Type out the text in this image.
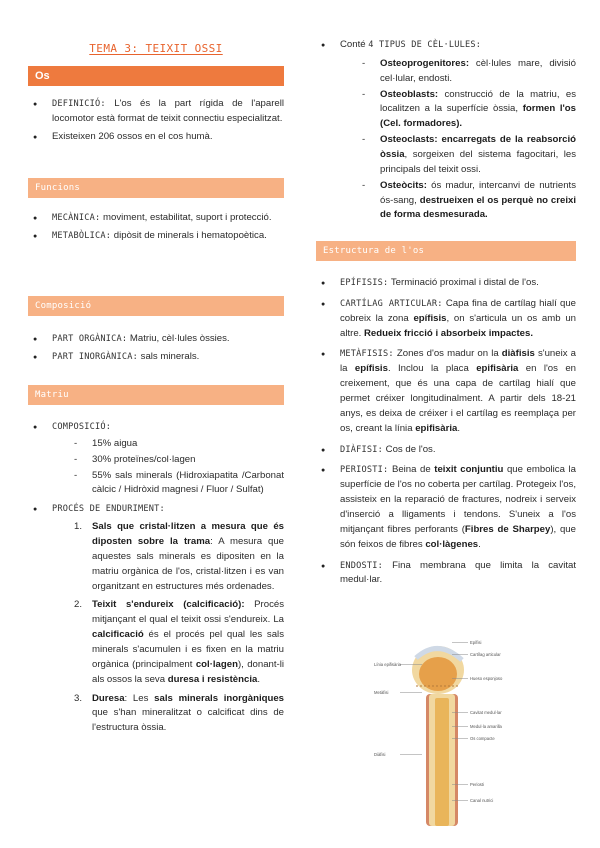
TEMA 3: TEIXIT OSSI
Os
● DEFINICIÓ: L'os és la part rígida de l'aparell locomotor està format de teixit connectiu especialitzat.
● Existeixen 206 ossos en el cos humà.
Funcions
● MECÀNICA: moviment, estabilitat, suport i protecció.
● METABÒLICA: dipòsit de minerals i hematopoètica.
Composició
● PART ORGÀNICA: Matriu, cèl·lules òssies.
● PART INORGÀNICA: sals minerals.
Matriu
● COMPOSICIÓ:
- 15% aigua
- 30% proteïnes/col·lagen
- 55% sals minerals (Hidroxiapatita /Carbonat càlcic / Hidròxid magnesi / Fluor / Sulfat)
● PROCÉS DE ENDURIMENT:
1. Sals que cristal·litzen a mesura que és diposten sobre la trama: A mesura que aquestes sals minerals es dipositen en la matriu orgànica de l'os, cristal·litzen i es van organitzant en estructures més ordenades.
2. Teixit s'endureix (calcificació): Procés mitjançant el qual el teixit ossi s'endureix. La calcificació és el procés pel qual les sals minerals s'acumulen i es fixen en la matriu orgànica (principalment col·lagen), donant-li als ossos la seva duresa i resistència.
3. Duresa: Les sals minerals inorgàniques que s'han mineralitzat o calcificat dins de l'estructura òssia.
● Conté 4 TIPUS DE CÈL·LULES:
- Osteoprogenitores: cèl·lules mare, divisió cel·lular, endosti.
- Osteoblasts: construcció de la matriu, es localitzen a la superfície òssia, formen l'os (Cel. formadores).
- Osteoclasts: encarregats de la reabsorció òssia, sorgeixen del sistema fagocitari, les principals del teixit ossi.
- Osteòcits: ós madur, intercanvi de nutrients ós-sang, destrueixen el os perquè no creixi de forma desmesurada.
Estructura de l'os
● EPÍFISIS: Terminació proximal i distal de l'os.
● CARTÍLAG ARTICULAR: Capa fina de cartílag hialí que cobreix la zona epífisis, on s'articula un os amb un altre. Redueix fricció i absorbeix impactes.
● METÀFISIS: Zones d'os madur on la diàfisis s'uneix a la epífisis. Inclou la placa epifisària en l'os en creixement, que és una capa de cartílag hialí que permet créixer longitudinalment. A partir dels 18-21 anys, es deixa de créixer i el cartílag es reemplaça per os, creant la línia epifisària.
● DIÀFISI: Cos de l'os.
● PERIOSTI: Beina de teixit conjuntiu que embolica la superfície de l'os no coberta per cartílag. Protegeix l'os, assisteix en la reparació de fractures, nodreix i serveix d'inserció a lligaments i tendons. S'uneix a l'os mitjançant fibres perforants (Fibres de Sharpey), que són feixos de fibres col·làgenes.
● ENDOSTI: Fina membrana que limita la cavitat medul·lar.
Línia epifisària
Metàfisi
Diàfisi
Epífisi
Cartílag articular
Hueso esponjoso
Cavitat medul·lar
Medul·la amarilla
Os compacte
Periosti
Canal nutrici
